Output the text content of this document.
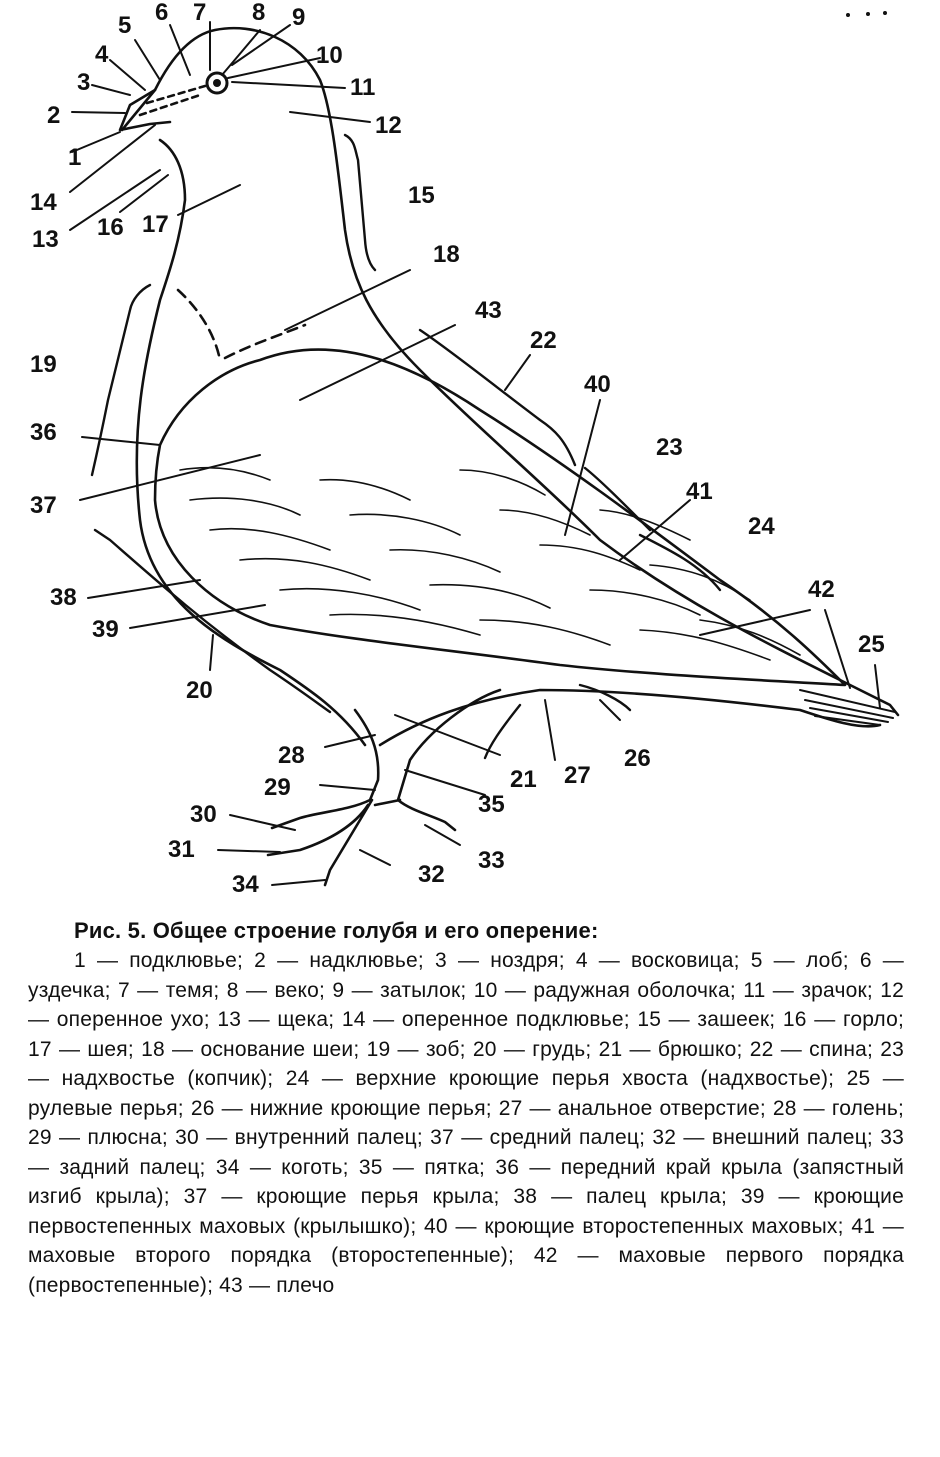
1
2
3
4
5 6 7 8 9
10
11
12
13
14	15
16 17
18
19
20
21
22
23
24
25
26
27
28
29
30
31
32
33
34
35
36
37
38
39
40
41
42
43

Рис. 5. Общее строение голубя и его оперение:

1 — подклювье; 2 — надклювье; 3 — ноздря; 4 — восковица; 5 — лоб; 6 — уздечка; 7 — темя; 8 — веко; 9 — затылок; 10 — радужная оболочка; 11 — зрачок; 12 — оперенное ухо; 13 — щека; 14 — оперенное подклювье; 15 — зашеек; 16 — горло; 17 — шея; 18 — основание шеи; 19 — зоб; 20 — грудь; 21 — брюшко; 22 — спина; 23 — надхвостье (копчик); 24 — верхние кроющие перья хвоста (надхвостье); 25 — рулевые перья; 26 — нижние кроющие перья; 27 — анальное отверстие; 28 — голень; 29 — плюсна; 30 — внутренний палец; 37 — средний палец; 32 — внешний палец; 33 — задний палец; 34 — коготь; 35 — пятка; 36 — передний край крыла (запястный изгиб крыла); 37 — кроющие перья крыла; 38 — палец крыла; 39 — кроющие первостепенных маховых (крылышко); 40 — кроющие второстепенных маховых; 41 — маховые второго порядка (второстепенные); 42 — маховые первого порядка (первостепенные); 43 — плечо
